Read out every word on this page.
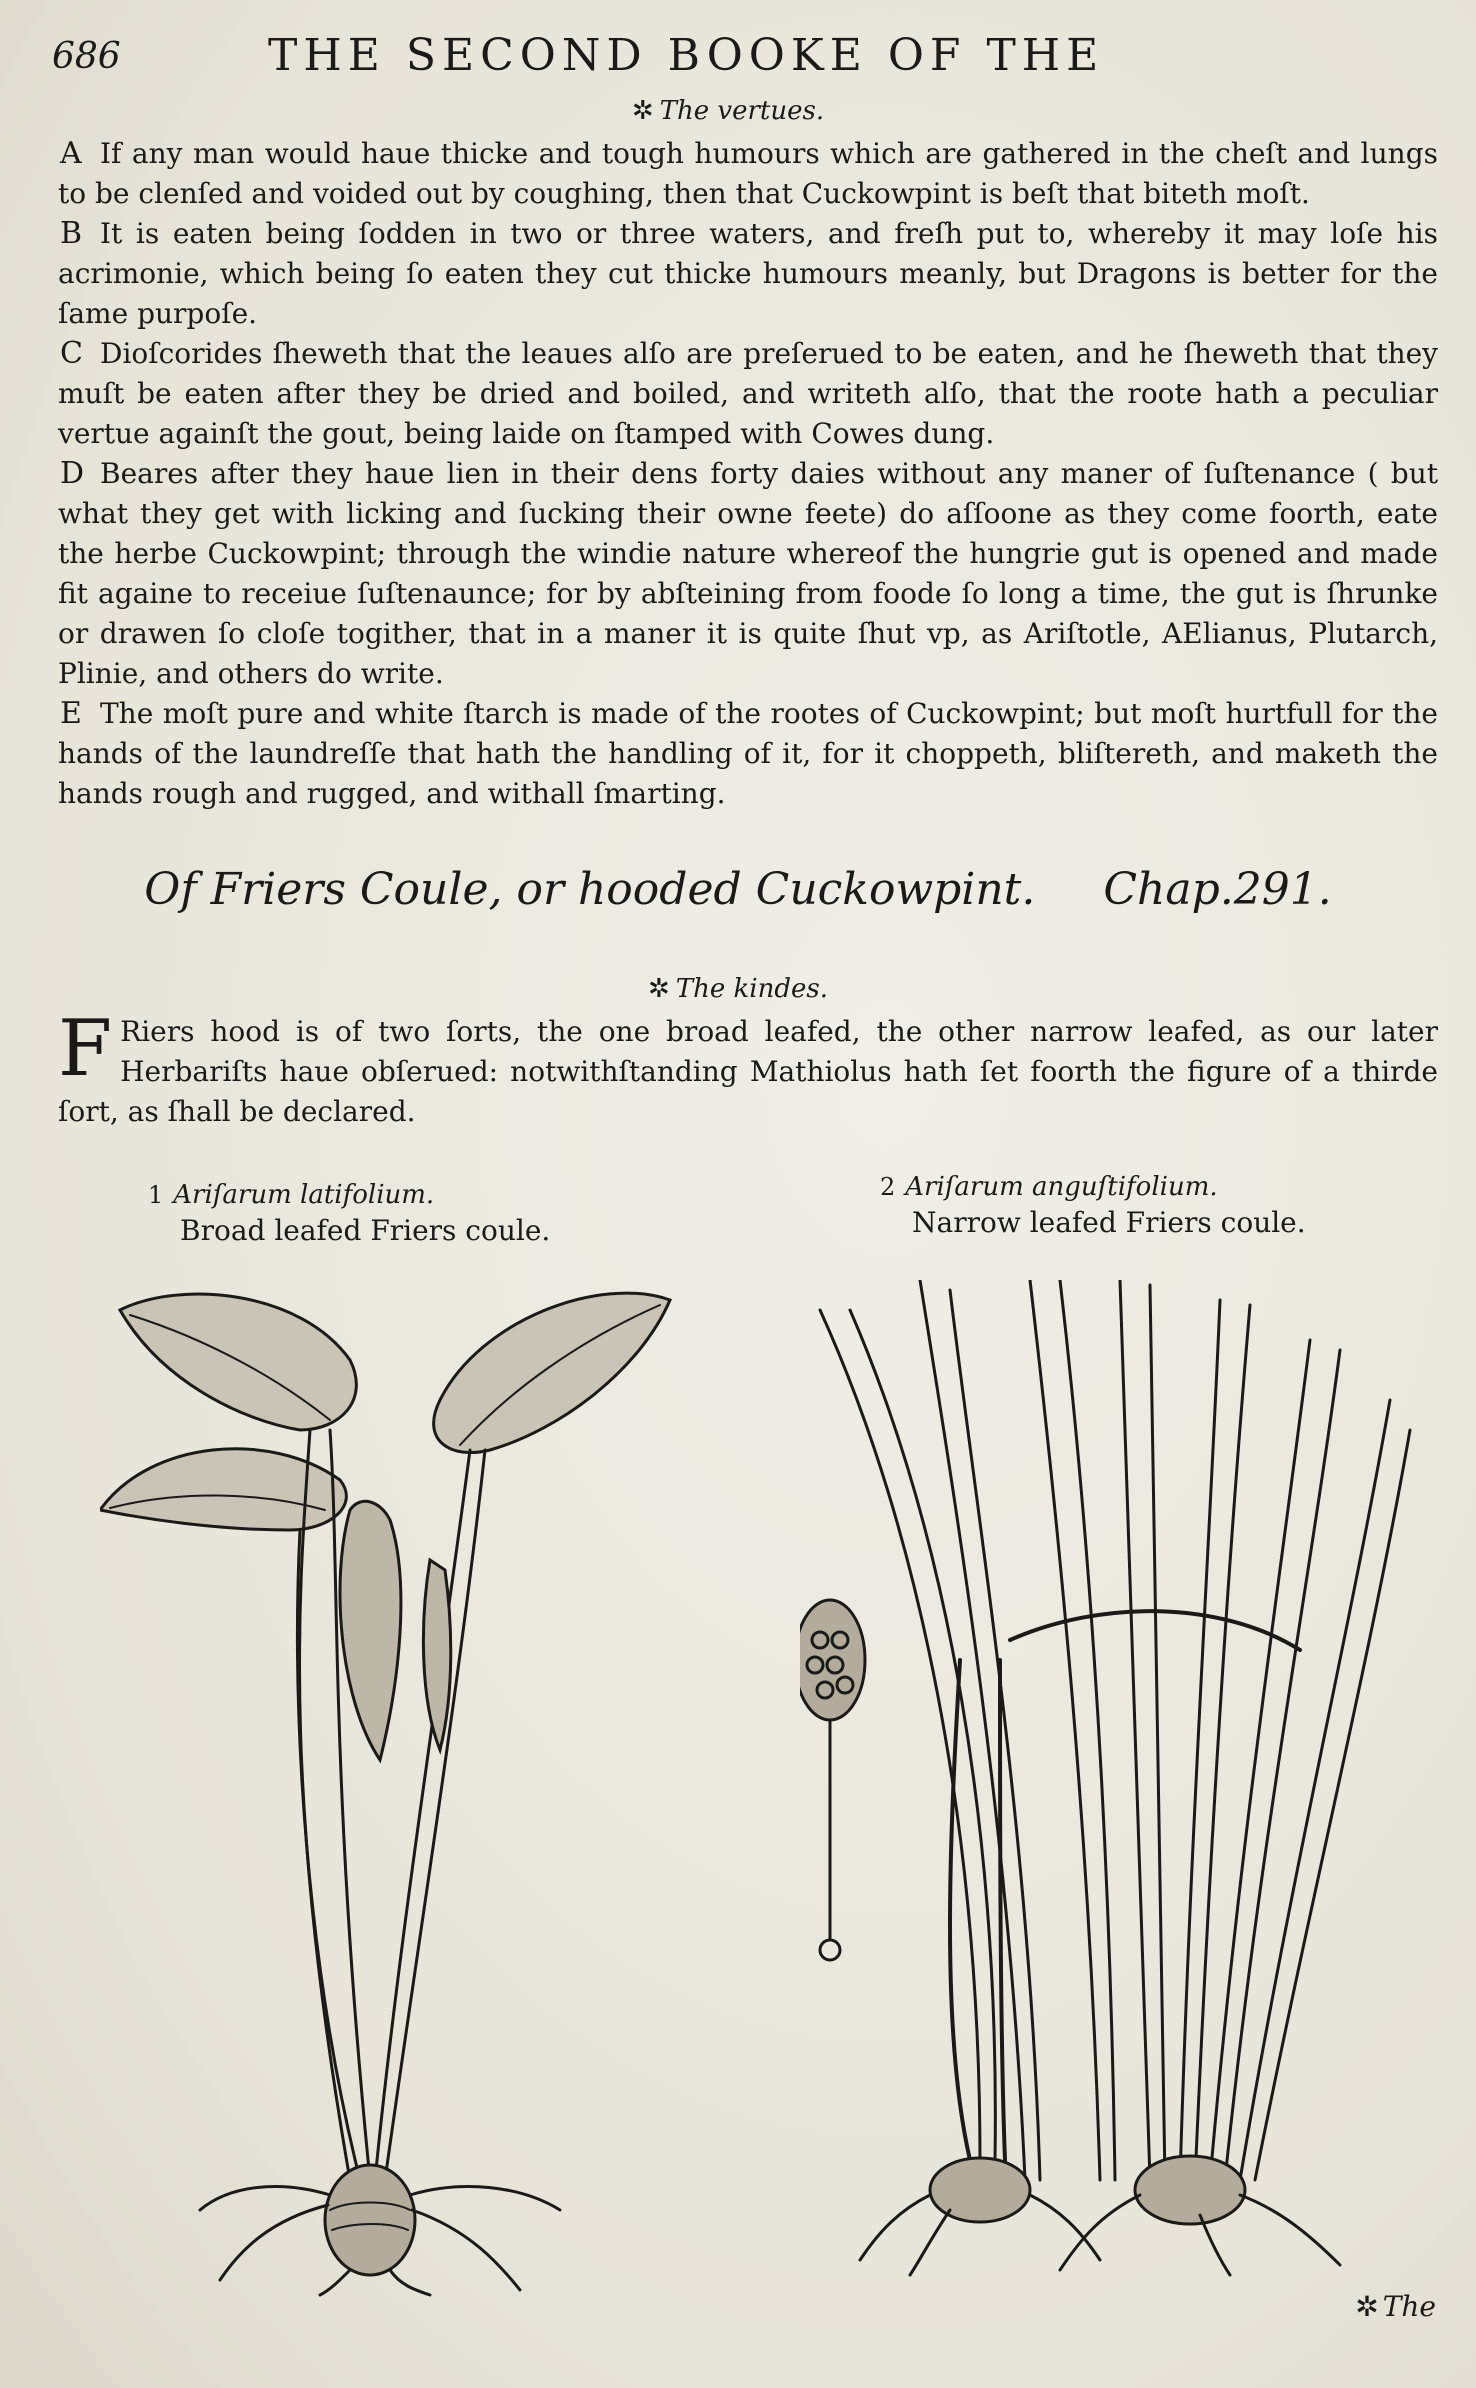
686	THE SECOND BOOKE OF THE
✲ The vertues.
A If any man would haue thicke and tough humours which are gathered in the cheſt and lungs to be clenſed and voided out by coughing, then that Cuckowpint is beſt that biteth moſt.
B It is eaten being ſodden in two or three waters, and freſh put to, whereby it may loſe his acrimonie, which being ſo eaten they cut thicke humours meanly, but Dragons is better for the ſame purpoſe.
C Dioſcorides ſheweth that the leaues alſo are preſerued to be eaten, and he ſheweth that they muſt be eaten after they be dried and boiled, and writeth alſo, that the roote hath a peculiar vertue againſt the gout, being laide on ſtamped with Cowes dung.
D Beares after they haue lien in their dens forty daies without any maner of ſuſtenance ( but what they get with licking and ſucking their owne feete) do aſſoone as they come foorth, eate the herbe Cuckowpint; through the windie nature whereof the hungrie gut is opened and made fit againe to receiue ſuſtenaunce; for by abſteining from foode ſo long a time, the gut is ſhrunke or drawen ſo cloſe togither, that in a maner it is quite ſhut vp, as Ariſtotle, AElianus, Plutarch, Plinie, and others do write.
E The moſt pure and white ſtarch is made of the rootes of Cuckowpint; but moſt hurtfull for the hands of the laundreſſe that hath the handling of it, for it choppeth, bliſtereth, and maketh the hands rough and rugged, and withall ſmarting.
Of Friers Coule, or hooded Cuckowpint. Chap.291.
✲ The kindes.
F Riers hood is of two ſorts, the one broad leafed, the other narrow leafed, as our later Herbariſts haue obſerued: notwithſtanding Mathiolus hath ſet foorth the figure of a thirde ſort, as ſhall be declared.
1 Ariſarum latifolium.
Broad leafed Friers coule.
2 Ariſarum anguſtifolium.
Narrow leafed Friers coule.
✲ The
